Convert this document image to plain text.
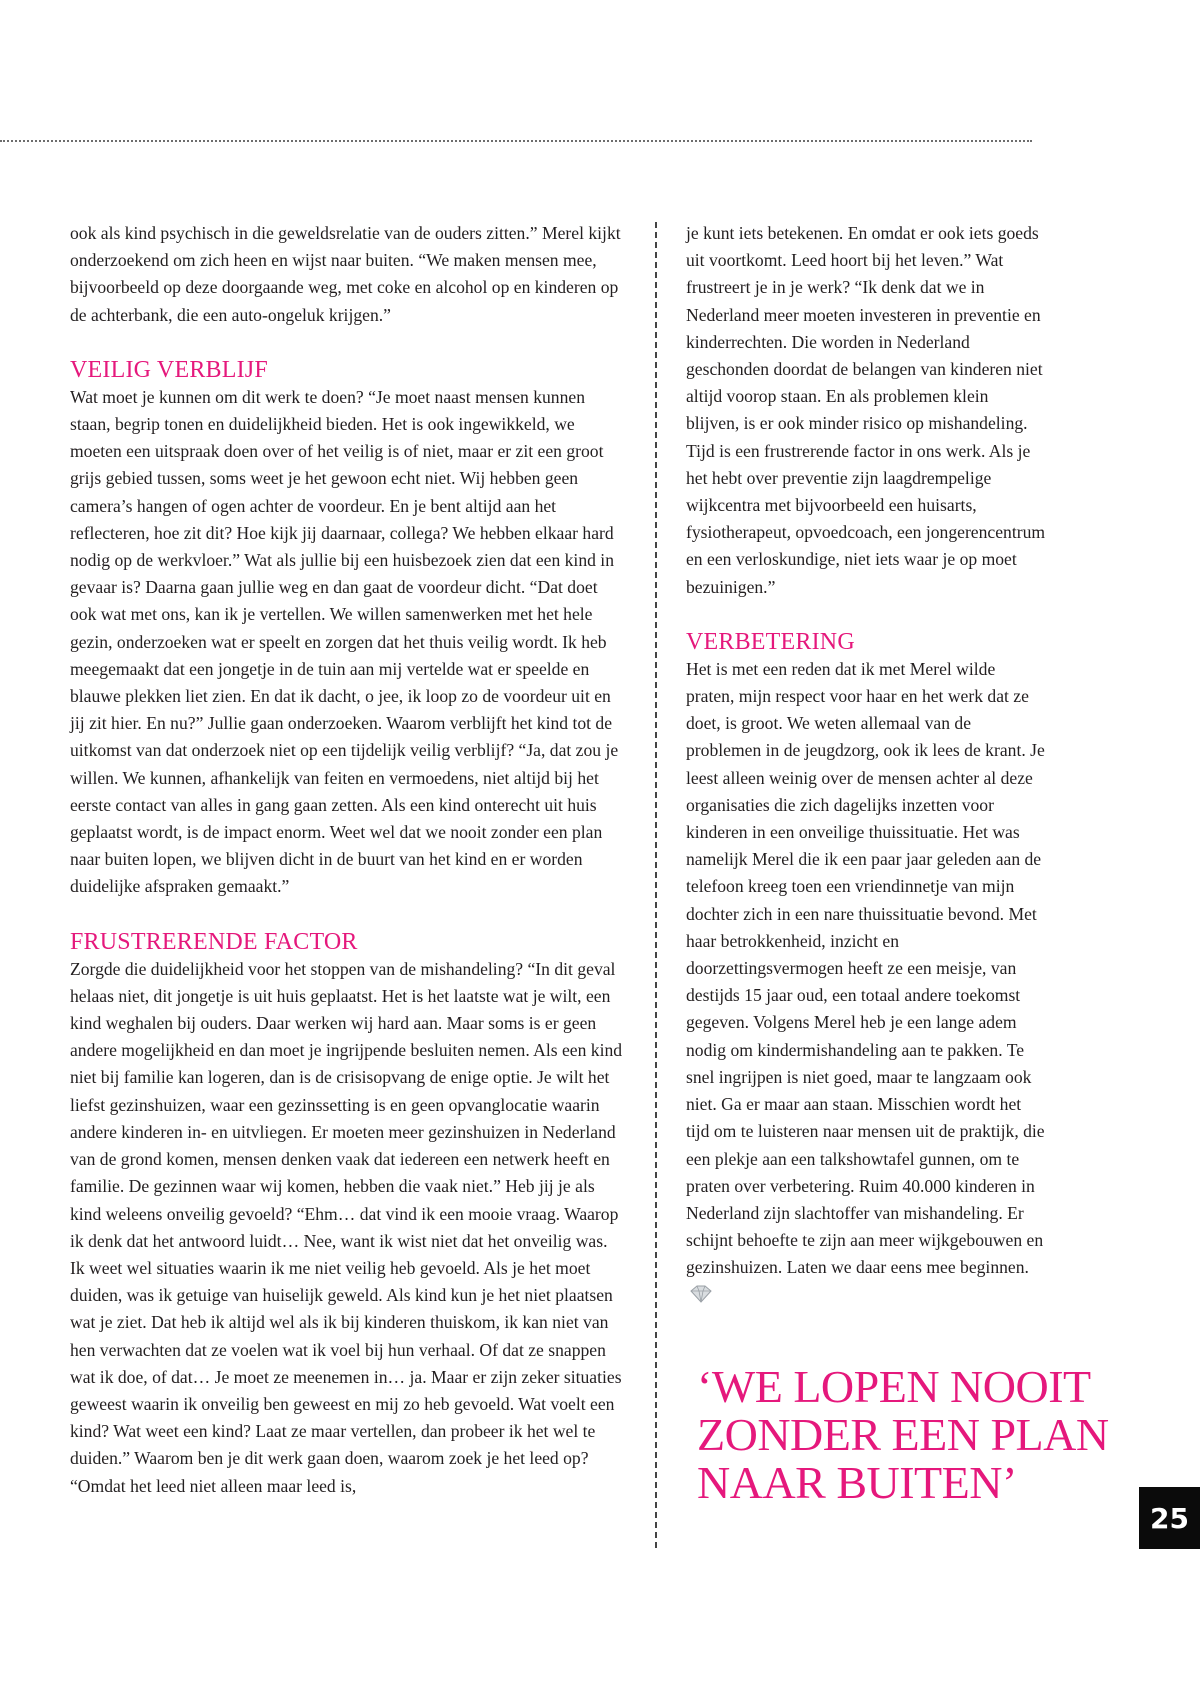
ook als kind psychisch in die geweldsrelatie van de ouders zitten.” Merel kijkt onderzoekend om zich heen en wijst naar buiten. “We maken mensen mee, bijvoorbeeld op deze doorgaande weg, met coke en alcohol op en kinderen op de achterbank, die een auto-ongeluk krijgen.”

VEILIG VERBLIJF

Wat moet je kunnen om dit werk te doen? “Je moet naast mensen kunnen staan, begrip tonen en duidelijkheid bieden. Het is ook ingewikkeld, we moeten een uitspraak doen over of het veilig is of niet, maar er zit een groot grijs gebied tussen, soms weet je het gewoon echt niet. Wij hebben geen camera’s hangen of ogen achter de voordeur. En je bent altijd aan het reflecteren, hoe zit dit? Hoe kijk jij daarnaar, collega? We hebben elkaar hard nodig op de werkvloer.” Wat als jullie bij een huisbezoek zien dat een kind in gevaar is? Daarna gaan jullie weg en dan gaat de voordeur dicht. “Dat doet ook wat met ons, kan ik je vertellen. We willen samenwerken met het hele gezin, onderzoeken wat er speelt en zorgen dat het thuis veilig wordt. Ik heb meegemaakt dat een jongetje in de tuin aan mij vertelde wat er speelde en blauwe plekken liet zien. En dat ik dacht, o jee, ik loop zo de voordeur uit en jij zit hier. En nu?” Jullie gaan onderzoeken. Waarom verblijft het kind tot de uitkomst van dat onderzoek niet op een tijdelijk veilig verblijf? “Ja, dat zou je willen. We kunnen, afhankelijk van feiten en vermoedens, niet altijd bij het eerste contact van alles in gang gaan zetten. Als een kind onterecht uit huis geplaatst wordt, is de impact enorm. Weet wel dat we nooit zonder een plan naar buiten lopen, we blijven dicht in de buurt van het kind en er worden duidelijke afspraken gemaakt.”

FRUSTRERENDE FACTOR

Zorgde die duidelijkheid voor het stoppen van de mishandeling? “In dit geval helaas niet, dit jongetje is uit huis geplaatst. Het is het laatste wat je wilt, een kind weghalen bij ouders. Daar werken wij hard aan. Maar soms is er geen andere mogelijkheid en dan moet je ingrijpende besluiten nemen. Als een kind niet bij familie kan logeren, dan is de crisisopvang de enige optie. Je wilt het liefst gezinshuizen, waar een gezinssetting is en geen opvanglocatie waarin andere kinderen in- en uitvliegen. Er moeten meer gezinshuizen in Nederland van de grond komen, mensen denken vaak dat iedereen een netwerk heeft en familie. De gezinnen waar wij komen, hebben die vaak niet.” Heb jij je als kind weleens onveilig gevoeld? “Ehm… dat vind ik een mooie vraag. Waarop ik denk dat het antwoord luidt… Nee, want ik wist niet dat het onveilig was. Ik weet wel situaties waarin ik me niet veilig heb gevoeld. Als je het moet duiden, was ik getuige van huiselijk geweld. Als kind kun je het niet plaatsen wat je ziet. Dat heb ik altijd wel als ik bij kinderen thuiskom, ik kan niet van hen verwachten dat ze voelen wat ik voel bij hun verhaal. Of dat ze snappen wat ik doe, of dat… Je moet ze meenemen in… ja. Maar er zijn zeker situaties geweest waarin ik onveilig ben geweest en mij zo heb gevoeld. Wat voelt een kind? Wat weet een kind? Laat ze maar vertellen, dan probeer ik het wel te duiden.” Waarom ben je dit werk gaan doen, waarom zoek je het leed op? “Omdat het leed niet alleen maar leed is,

je kunt iets betekenen. En omdat er ook iets goeds uit voortkomt. Leed hoort bij het leven.” Wat frustreert je in je werk? “Ik denk dat we in Nederland meer moeten investeren in preventie en kinderrechten. Die worden in Nederland geschonden doordat de belangen van kinderen niet altijd voorop staan. En als problemen klein blijven, is er ook minder risico op mishandeling. Tijd is een frustrerende factor in ons werk. Als je het hebt over preventie zijn laagdrempelige wijkcentra met bijvoorbeeld een huisarts, fysiotherapeut, opvoedcoach, een jongerencentrum en een verloskundige, niet iets waar je op moet bezuinigen.”

VERBETERING

Het is met een reden dat ik met Merel wilde praten, mijn respect voor haar en het werk dat ze doet, is groot. We weten allemaal van de problemen in de jeugdzorg, ook ik lees de krant. Je leest alleen weinig over de mensen achter al deze organisaties die zich dagelijks inzetten voor kinderen in een onveilige thuissituatie. Het was namelijk Merel die ik een paar jaar geleden aan de telefoon kreeg toen een vriendinnetje van mijn dochter zich in een nare thuissituatie bevond. Met haar betrokkenheid, inzicht en doorzettingsvermogen heeft ze een meisje, van destijds 15 jaar oud, een totaal andere toekomst gegeven. Volgens Merel heb je een lange adem nodig om kindermishandeling aan te pakken. Te snel ingrijpen is niet goed, maar te langzaam ook niet. Ga er maar aan staan. Misschien wordt het tijd om te luisteren naar mensen uit de praktijk, die een plekje aan een talkshowtafel gunnen, om te praten over verbetering. Ruim 40.000 kinderen in Nederland zijn slachtoffer van mishandeling. Er schijnt behoefte te zijn aan meer wijkgebouwen en gezinshuizen. Laten we daar eens mee beginnen.

‘WE LOPEN NOOIT ZONDER EEN PLAN NAAR BUITEN’
25
